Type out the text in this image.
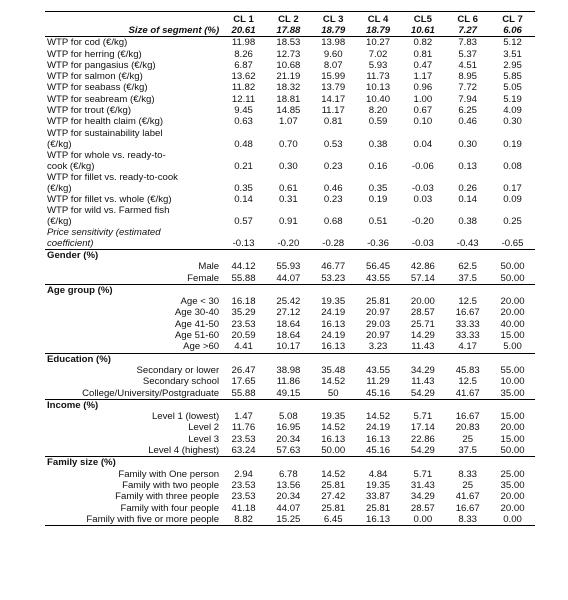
	CL 1	CL 2	CL 3	CL 4	CL5	CL 6	CL 7
Size of segment (%)	20.61	17.88	18.79	18.79	10.61	7.27	6.06
WTP for cod (€/kg)	11.98	18.53	13.98	10.27	0.82	7.83	5.12
WTP for herring (€/kg)	8.26	12.73	9.60	7.02	0.81	5.37	3.51
WTP for pangasius (€/kg)	6.87	10.68	8.07	5.93	0.47	4.51	2.95
WTP for salmon (€/kg)	13.62	21.19	15.99	11.73	1.17	8.95	5.85
WTP for seabass (€/kg)	11.82	18.32	13.79	10.13	0.96	7.72	5.05
WTP for seabream (€/kg)	12.11	18.81	14.17	10.40	1.00	7.94	5.19
WTP for trout (€/kg)	9.45	14.85	11.17	8.20	0.67	6.25	4.09
WTP for health claim (€/kg)	0.63	1.07	0.81	0.59	0.10	0.46	0.30
WTP for sustainability label
(€/kg)	0.48	0.70	0.53	0.38	0.04	0.30	0.19
WTP for whole vs. ready-to-
cook (€/kg)	0.21	0.30	0.23	0.16	-0.06	0.13	0.08
WTP for fillet vs. ready-to-cook
(€/kg)	0.35	0.61	0.46	0.35	-0.03	0.26	0.17
WTP for fillet vs. whole (€/kg)	0.14	0.31	0.23	0.19	0.03	0.14	0.09
WTP for wild vs. Farmed fish
(€/kg)	0.57	0.91	0.68	0.51	-0.20	0.38	0.25
Price sensitivity (estimated
coefficient)	-0.13	-0.20	-0.28	-0.36	-0.03	-0.43	-0.65
Gender (%)							
Male	44.12	55.93	46.77	56.45	42.86	62.5	50.00
Female	55.88	44.07	53.23	43.55	57.14	37.5	50.00
Age group (%)							
Age < 30	16.18	25.42	19.35	25.81	20.00	12.5	20.00
Age 30-40	35.29	27.12	24.19	20.97	28.57	16.67	20.00
Age 41-50	23.53	18.64	16.13	29.03	25.71	33.33	40.00
Age 51-60	20.59	18.64	24.19	20.97	14.29	33.33	15.00
Age >60	4.41	10.17	16.13	3.23	11.43	4.17	5.00
Education (%)							
Secondary or lower	26.47	38.98	35.48	43.55	34.29	45.83	55.00
Secondary school	17.65	11.86	14.52	11.29	11.43	12.5	10.00
College/University/Postgraduate	55.88	49.15	50	45.16	54.29	41.67	35.00
Income (%)							
Level 1 (lowest)	1.47	5.08	19.35	14.52	5.71	16.67	15.00
Level 2	11.76	16.95	14.52	24.19	17.14	20.83	20.00
Level 3	23.53	20.34	16.13	16.13	22.86	25	15.00
Level 4 (highest)	63.24	57.63	50.00	45.16	54.29	37.5	50.00
Family size (%)							
Family with One person	2.94	6.78	14.52	4.84	5.71	8.33	25.00
Family with two people	23.53	13.56	25.81	19.35	31.43	25	35.00
Family with three people	23.53	20.34	27.42	33.87	34.29	41.67	20.00
Family with four people	41.18	44.07	25.81	25.81	28.57	16.67	20.00
Family with five or more people	8.82	15.25	6.45	16.13	0.00	8.33	0.00
